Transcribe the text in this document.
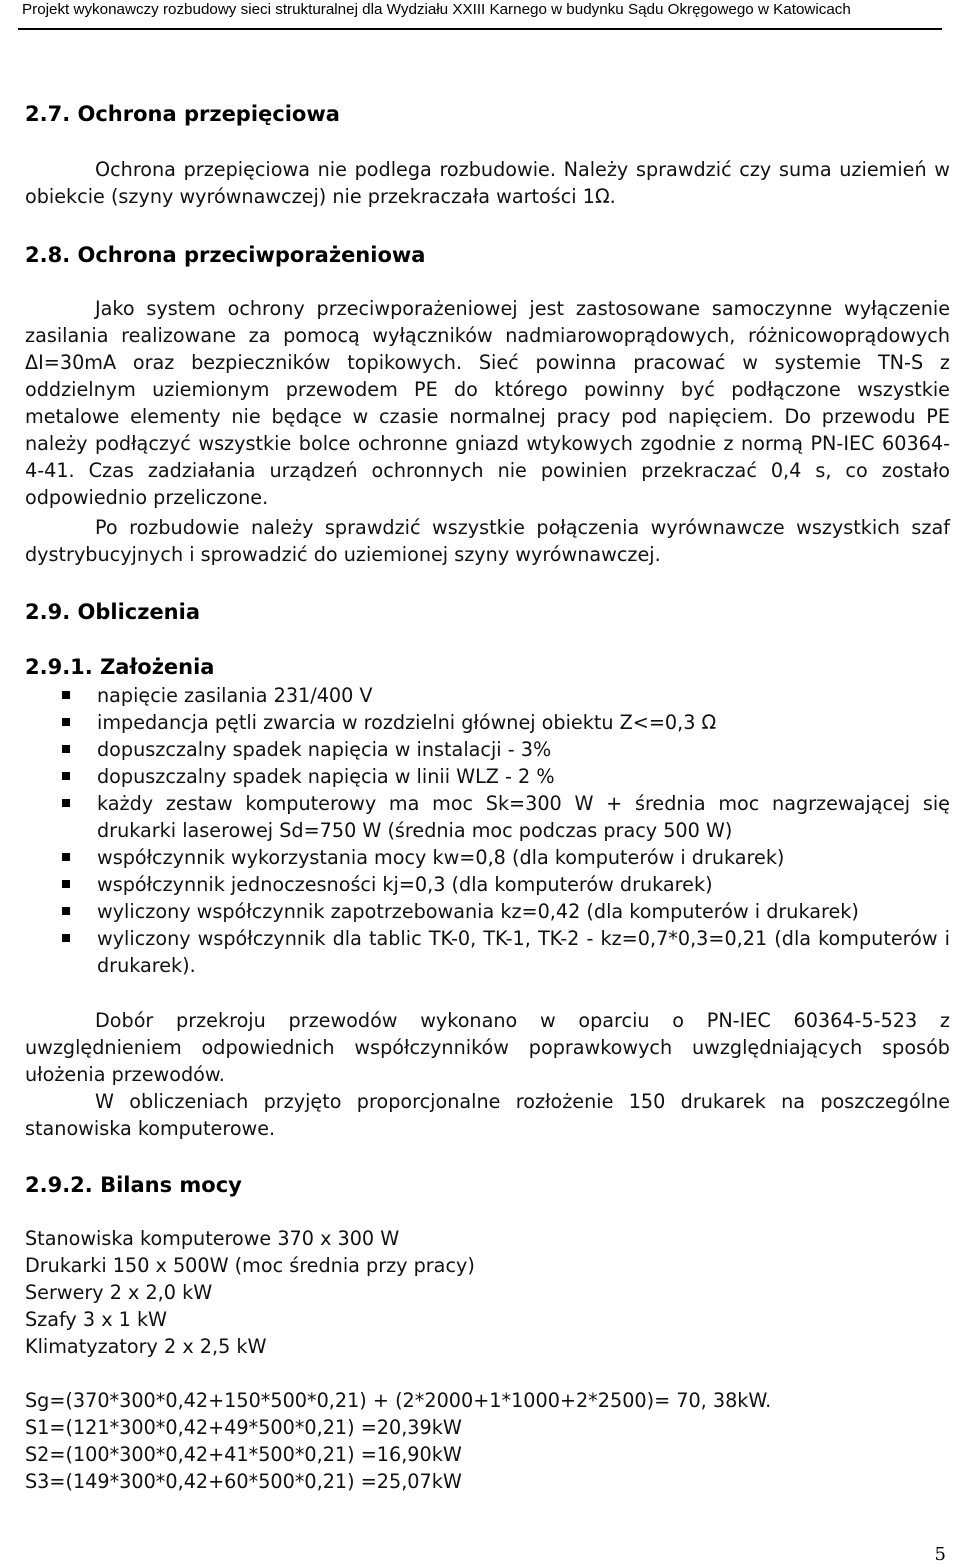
Projekt wykonawczy rozbudowy sieci strukturalnej dla Wydziału XXIII Karnego w budynku Sądu Okręgowego w Katowicach
2.7. Ochrona przepięciowa
Ochrona przepięciowa nie podlega rozbudowie. Należy sprawdzić czy suma uziemień w obiekcie (szyny wyrównawczej) nie przekraczała wartości 1Ω.
2.8. Ochrona przeciwporażeniowa
Jako system ochrony przeciwporażeniowej jest zastosowane samoczynne wyłączenie zasilania realizowane za pomocą wyłączników nadmiarowoprądowych, różnicowoprądowych ΔI=30mA oraz bezpieczników topikowych. Sieć powinna pracować w systemie TN-S z oddzielnym uziemionym przewodem PE do którego powinny być podłączone wszystkie metalowe elementy nie będące w czasie normalnej pracy pod napięciem. Do przewodu PE należy podłączyć wszystkie bolce ochronne gniazd wtykowych zgodnie z normą PN-IEC 60364-4-41. Czas zadziałania urządzeń ochronnych nie powinien przekraczać 0,4 s, co zostało odpowiednio przeliczone.
Po rozbudowie należy sprawdzić wszystkie połączenia wyrównawcze wszystkich szaf dystrybucyjnych i sprowadzić do uziemionej szyny wyrównawczej.
2.9. Obliczenia
2.9.1. Założenia
napięcie zasilania 231/400 V
impedancja pętli zwarcia w rozdzielni głównej obiektu Z<=0,3 Ω
dopuszczalny spadek napięcia w instalacji - 3%
dopuszczalny spadek napięcia w linii WLZ - 2 %
każdy zestaw komputerowy ma moc Sk=300 W + średnia moc nagrzewającej się drukarki laserowej Sd=750 W (średnia moc podczas pracy 500 W)
współczynnik wykorzystania mocy kw=0,8 (dla komputerów i drukarek)
współczynnik jednoczesności kj=0,3 (dla komputerów drukarek)
wyliczony współczynnik zapotrzebowania kz=0,42 (dla komputerów i drukarek)
wyliczony współczynnik dla tablic TK-0, TK-1, TK-2 - kz=0,7*0,3=0,21 (dla komputerów i drukarek).
Dobór przekroju przewodów wykonano w oparciu o PN-IEC 60364-5-523 z uwzględnieniem odpowiednich współczynników poprawkowych uwzględniających sposób ułożenia przewodów.
W obliczeniach przyjęto proporcjonalne rozłożenie 150 drukarek na poszczególne stanowiska komputerowe.
2.9.2. Bilans mocy
Stanowiska komputerowe 370 x 300 W
Drukarki 150 x 500W (moc średnia przy pracy)
Serwery 2 x 2,0 kW
Szafy 3 x 1 kW
Klimatyzatory 2 x 2,5 kW
Sg=(370*300*0,42+150*500*0,21) + (2*2000+1*1000+2*2500)= 70, 38kW.
S1=(121*300*0,42+49*500*0,21) =20,39kW
S2=(100*300*0,42+41*500*0,21) =16,90kW
S3=(149*300*0,42+60*500*0,21) =25,07kW
5
